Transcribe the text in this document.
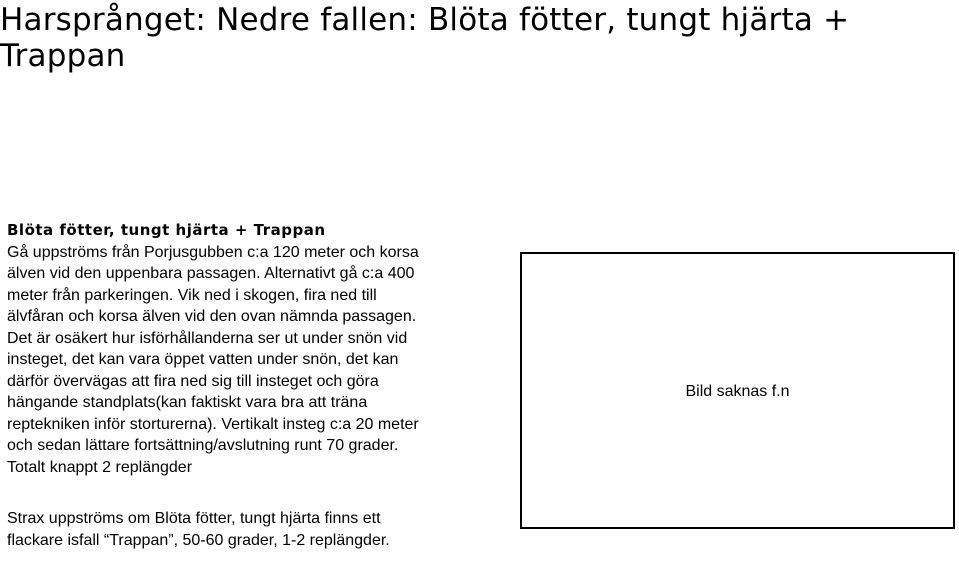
Harsprånget: Nedre fallen: Blöta fötter, tungt hjärta + Trappan
Blöta fötter, tungt hjärta + Trappan

Gå uppströms från Porjusgubben c:a 120 meter och korsa älven vid den uppenbara passagen. Alternativt gå c:a 400 meter från parkeringen. Vik ned i skogen, fira ned till älvfåran och korsa älven vid den ovan nämnda passagen. Det är osäkert hur isförhållanderna ser ut under snön vid insteget, det kan vara öppet vatten under snön, det kan därför övervägas att fira ned sig till insteget och göra hängande standplats(kan faktiskt vara bra att träna reptekniken inför storturerna). Vertikalt insteg c:a 20 meter och sedan lättare fortsättning/avslutning runt 70 grader. Totalt knappt 2 replängder

Strax uppströms om Blöta fötter, tungt hjärta finns ett flackare isfall “Trappan”, 50-60 grader, 1-2 replängder.

Bild saknas f.n
